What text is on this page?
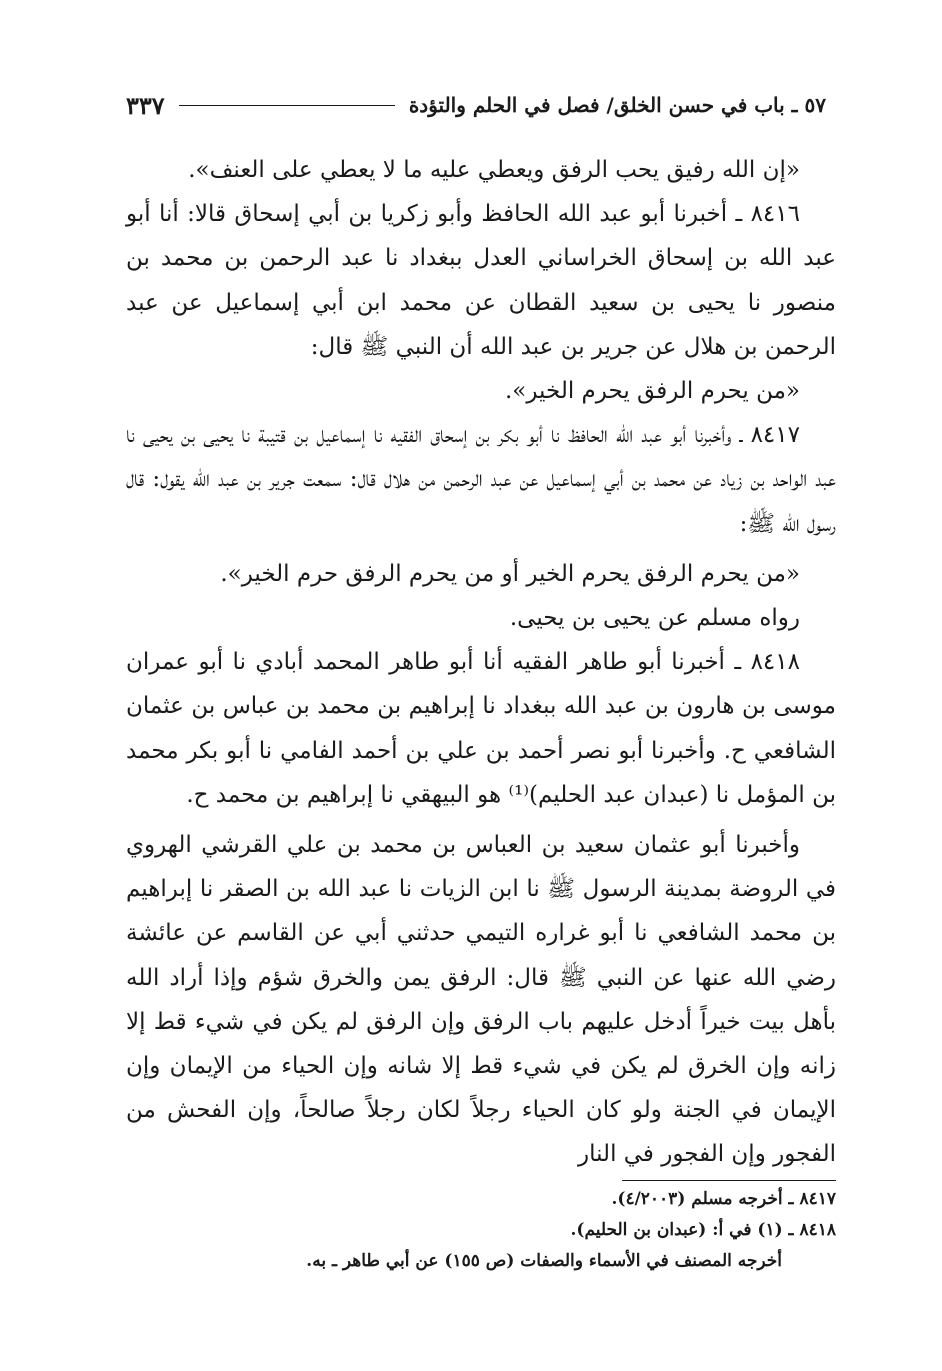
٥٧ ـ باب في حسن الخلق/ فصل في الحلم والتؤدة
٣٣٧

«إن الله رفيق يحب الرفق ويعطي عليه ما لا يعطي على العنف».

٨٤١٦ ـ أخبرنا أبو عبد الله الحافظ وأبو زكريا بن أبي إسحاق قالا: أنا أبو عبد الله بن إسحاق الخراساني العدل ببغداد نا عبد الرحمن بن محمد بن منصور نا يحيى بن سعيد القطان عن محمد ابن أبي إسماعيل عن عبد الرحمن بن هلال عن جرير بن عبد الله أن النبي ﷺ قال:

«من يحرم الرفق يحرم الخير».

٨٤١٧ ـ وأخبرنا أبو عبد الله الحافظ نا أبو بكر بن إسحاق الفقيه نا إسماعيل بن قتيبة نا يحيى بن يحيى نا عبد الواحد بن زياد عن محمد بن أبي إسماعيل عن عبد الرحمن من هلال قال: سمعت جرير بن عبد الله يقول: قال رسول الله ﷺ:

«من يحرم الرفق يحرم الخير أو من يحرم الرفق حرم الخير».

رواه مسلم عن يحيى بن يحيى.

٨٤١٨ ـ أخبرنا أبو طاهر الفقيه أنا أبو طاهر المحمد أبادي نا أبو عمران موسى بن هارون بن عبد الله ببغداد نا إبراهيم بن محمد بن عباس بن عثمان الشافعي ح. وأخبرنا أبو نصر أحمد بن علي بن أحمد الفامي نا أبو بكر محمد بن المؤمل نا (عبدان عبد الحليم)⁽¹⁾ هو البيهقي نا إبراهيم بن محمد ح.

وأخبرنا أبو عثمان سعيد بن العباس بن محمد بن علي القرشي الهروي في الروضة بمدينة الرسول ﷺ نا ابن الزيات نا عبد الله بن الصقر نا إبراهيم بن محمد الشافعي نا أبو غراره التيمي حدثني أبي عن القاسم عن عائشة رضي الله عنها عن النبي ﷺ قال: الرفق يمن والخرق شؤم وإذا أراد الله بأهل بيت خيراً أدخل عليهم باب الرفق وإن الرفق لم يكن في شيء قط إلا زانه وإن الخرق لم يكن في شيء قط إلا شانه وإن الحياء من الإيمان وإن الإيمان في الجنة ولو كان الحياء رجلاً لكان رجلاً صالحاً، وإن الفحش من الفجور وإن الفجور في النار

٨٤١٧ ـ أخرجه مسلم (٤/٢٠٠٣).

٨٤١٨ ـ (١) في أ: (عبدان بن الحليم).

أخرجه المصنف في الأسماء والصفات (ص ١٥٥) عن أبي طاهر ـ به.
